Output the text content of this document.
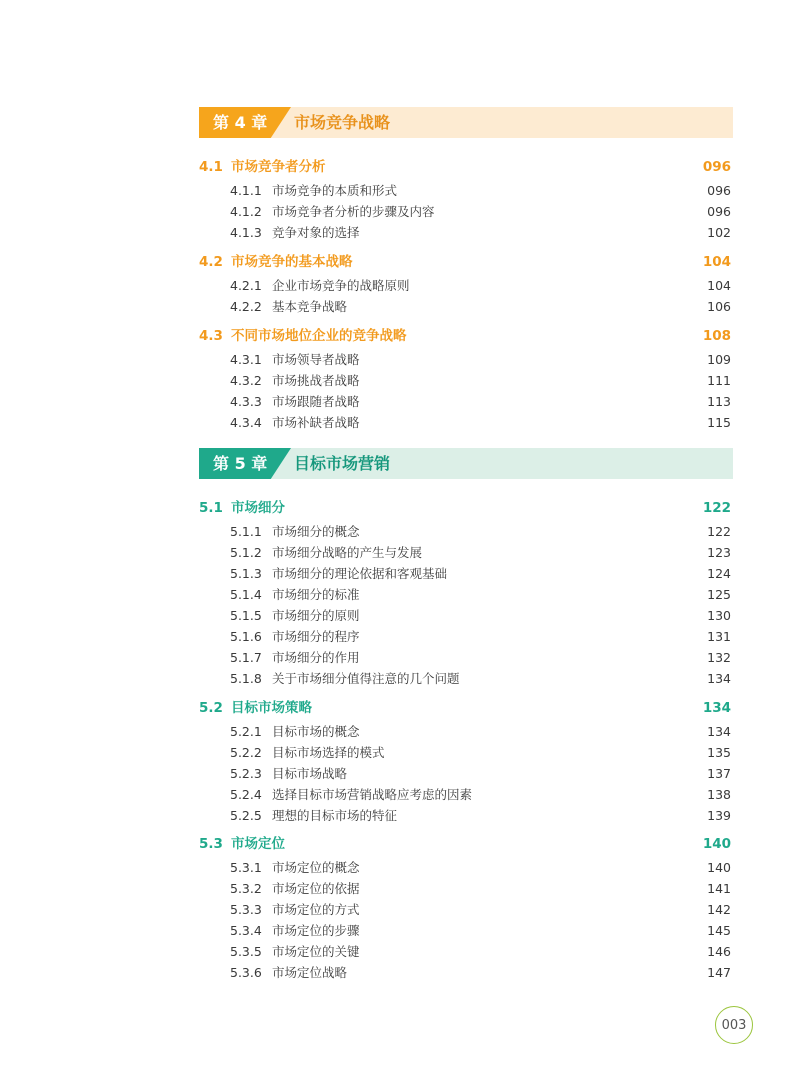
第 4 章 市场竞争战略
4.1 市场竞争者分析	096
4.1.1 市场竞争的本质和形式	096
4.1.2 市场竞争者分析的步骤及内容	096
4.1.3 竞争对象的选择	102
4.2 市场竞争的基本战略	104
4.2.1 企业市场竞争的战略原则	104
4.2.2 基本竞争战略	106
4.3 不同市场地位企业的竞争战略	108
4.3.1 市场领导者战略	109
4.3.2 市场挑战者战略	111
4.3.3 市场跟随者战略	113
4.3.4 市场补缺者战略	115
第 5 章 目标市场营销
5.1 市场细分	122
5.1.1 市场细分的概念	122
5.1.2 市场细分战略的产生与发展	123
5.1.3 市场细分的理论依据和客观基础	124
5.1.4 市场细分的标准	125
5.1.5 市场细分的原则	130
5.1.6 市场细分的程序	131
5.1.7 市场细分的作用	132
5.1.8 关于市场细分值得注意的几个问题	134
5.2 目标市场策略	134
5.2.1 目标市场的概念	134
5.2.2 目标市场选择的模式	135
5.2.3 目标市场战略	137
5.2.4 选择目标市场营销战略应考虑的因素	138
5.2.5 理想的目标市场的特征	139
5.3 市场定位	140
5.3.1 市场定位的概念	140
5.3.2 市场定位的依据	141
5.3.3 市场定位的方式	142
5.3.4 市场定位的步骤	145
5.3.5 市场定位的关键	146
5.3.6 市场定位战略	147
003
